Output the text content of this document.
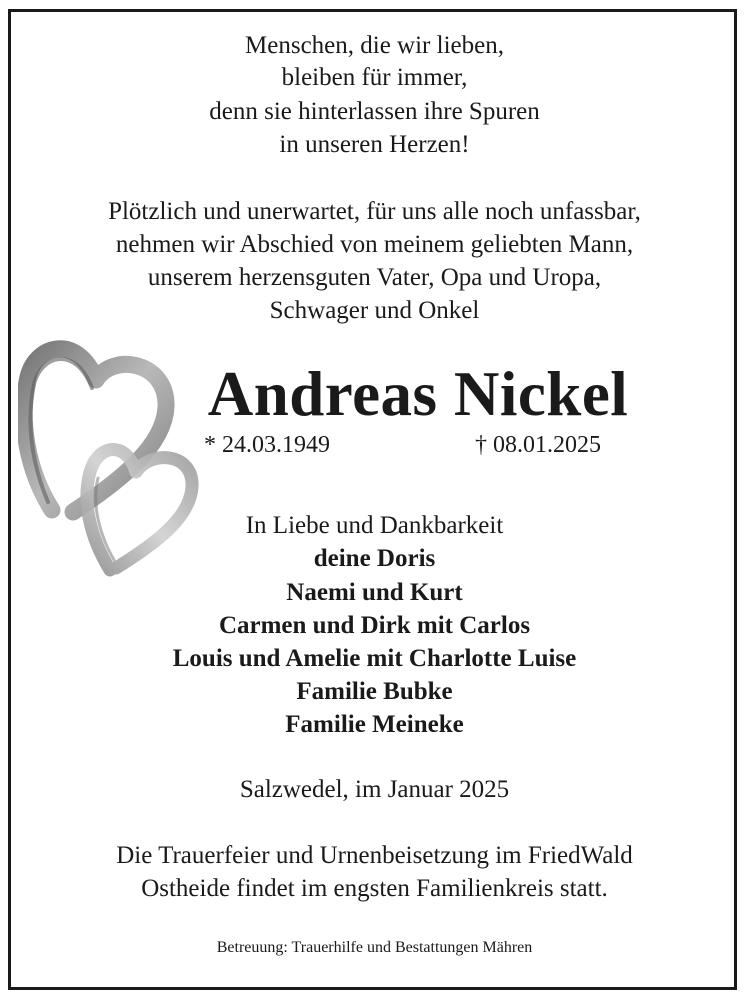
Menschen, die wir lieben,
bleiben für immer,
denn sie hinterlassen ihre Spuren
in unseren Herzen!
Plötzlich und unerwartet, für uns alle noch unfassbar,
nehmen wir Abschied von meinem geliebten Mann,
unserem herzensguten Vater, Opa und Uropa,
Schwager und Onkel
Andreas Nickel
* 24.03.1949	† 08.01.2025
In Liebe und Dankbarkeit
deine Doris
Naemi und Kurt
Carmen und Dirk mit Carlos
Louis und Amelie mit Charlotte Luise
Familie Bubke
Familie Meineke
Salzwedel, im Januar 2025
Die Trauerfeier und Urnenbeisetzung im FriedWald
Ostheide findet im engsten Familienkreis statt.
Betreuung: Trauerhilfe und Bestattungen Mähren
